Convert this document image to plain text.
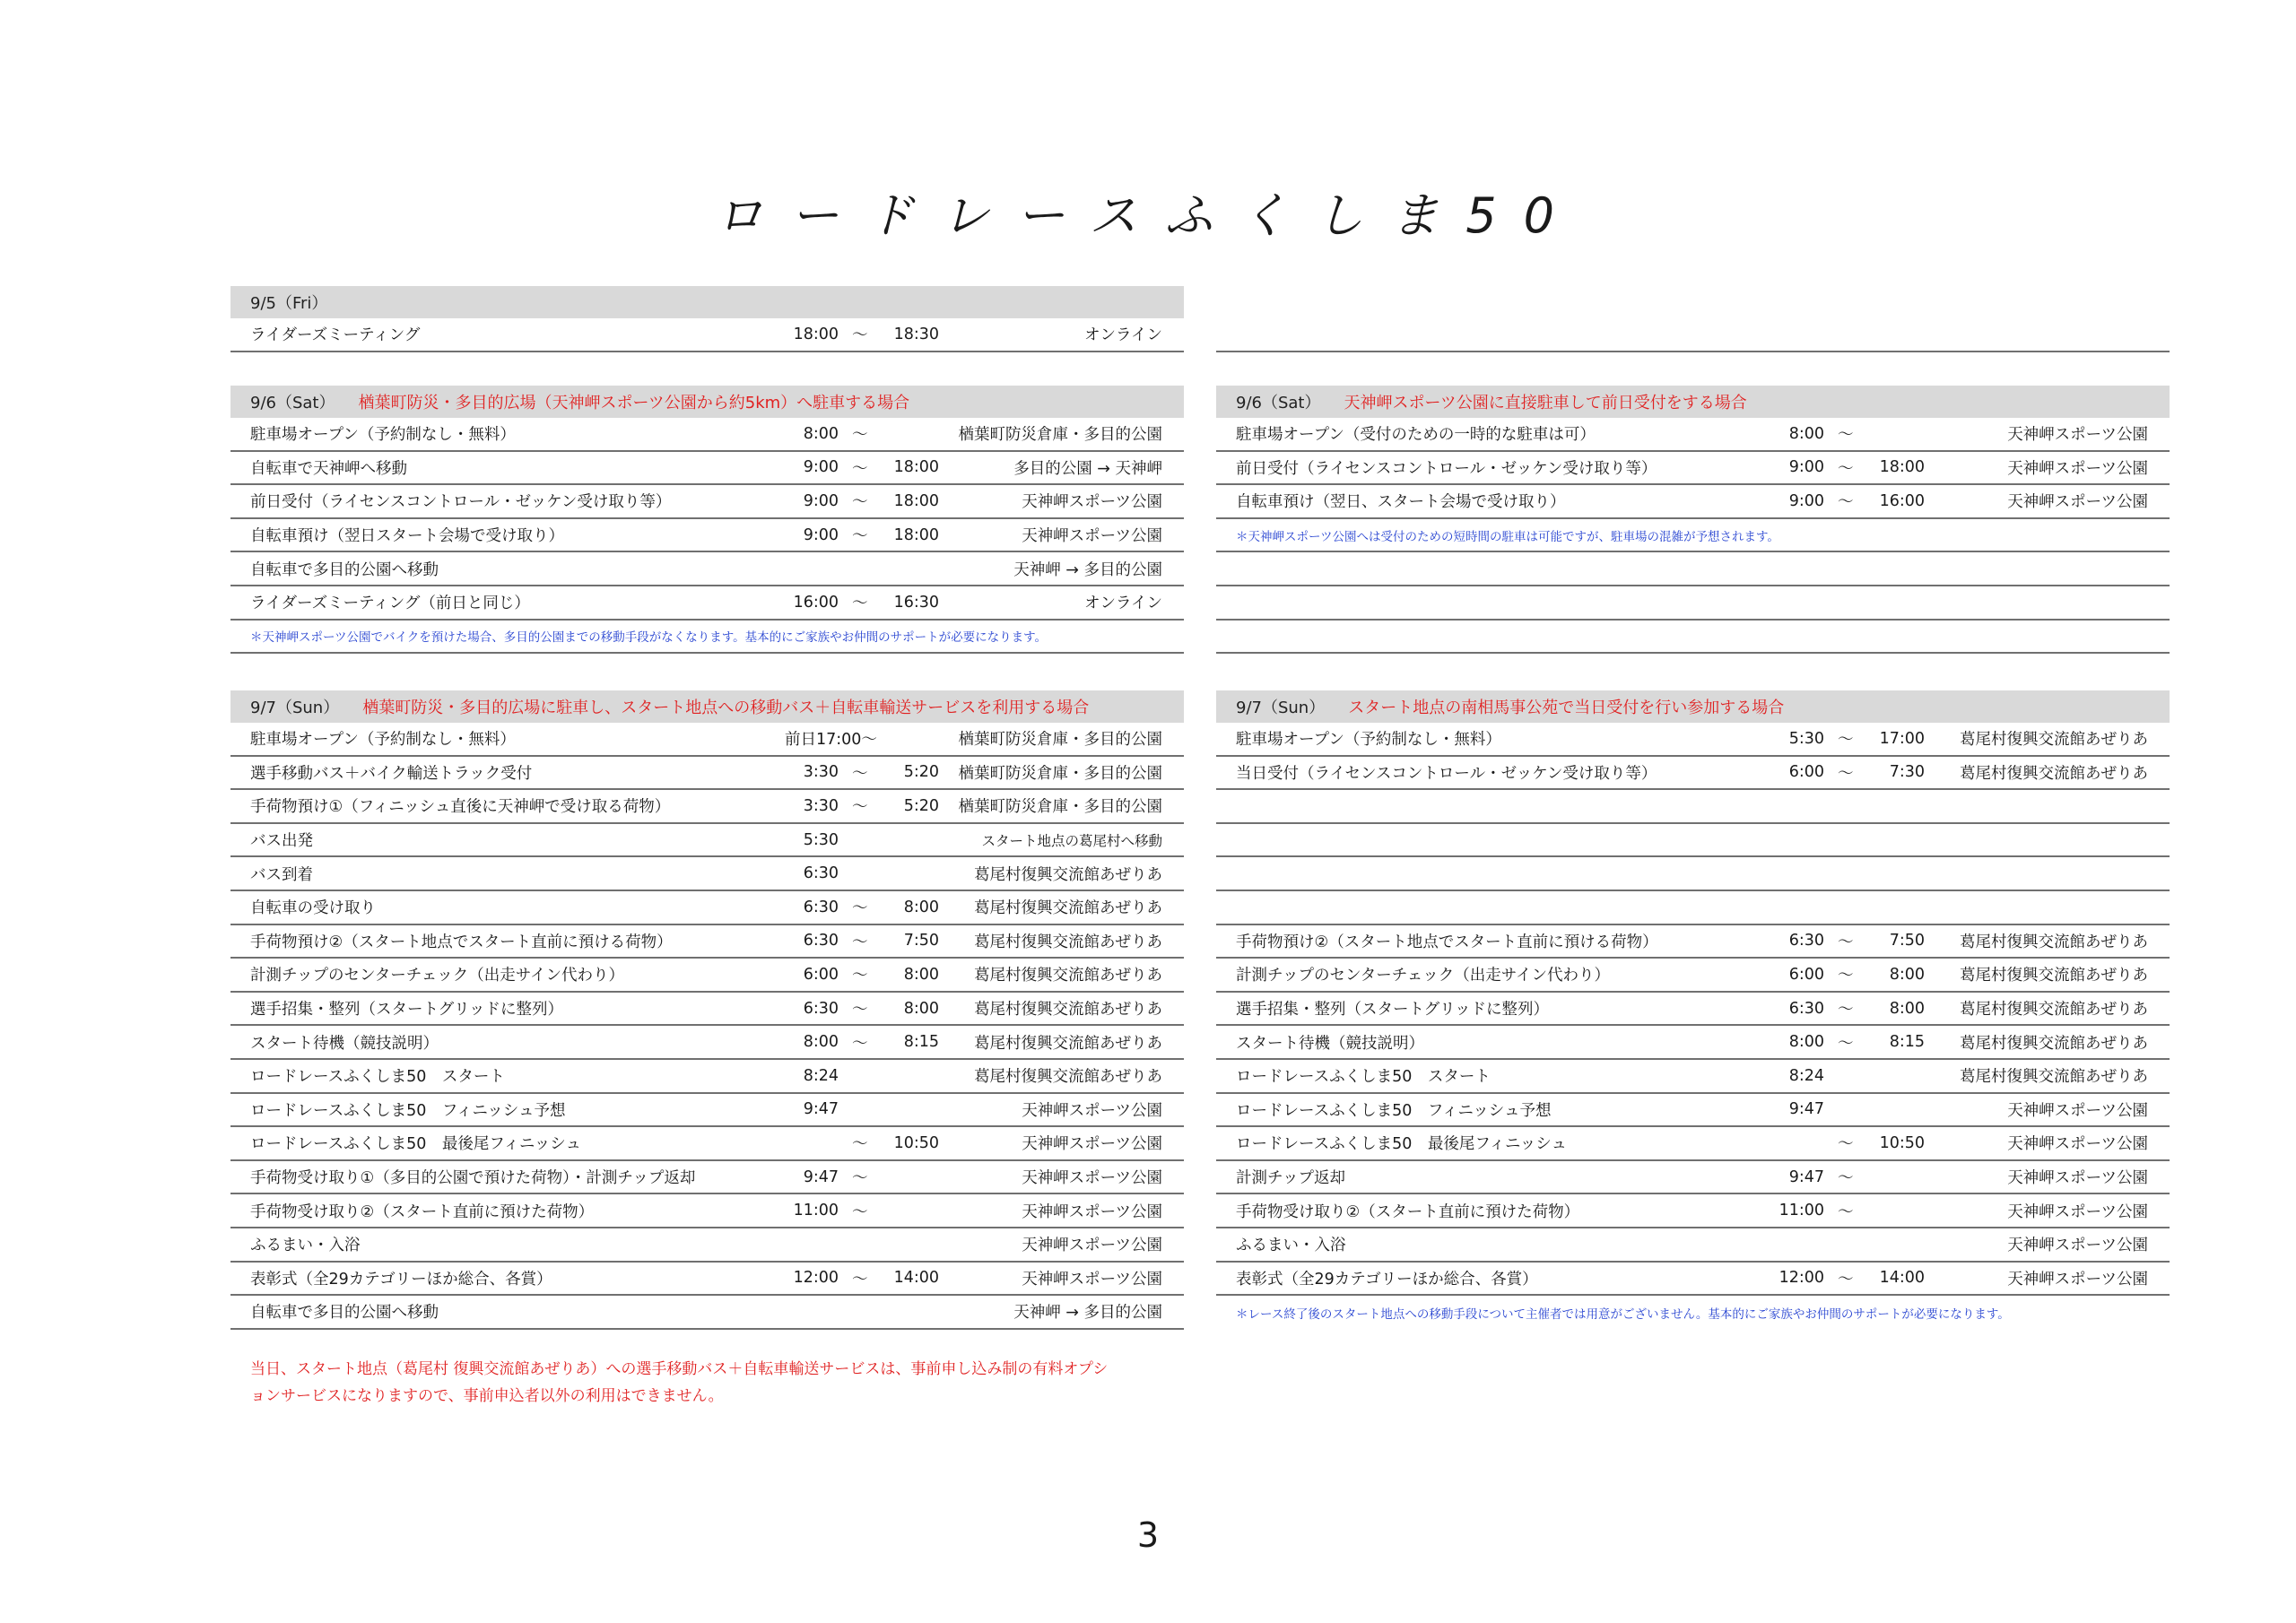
ロードレースふくしま50
9/5（Fri）
ライダーズミーティング	18:00 〜	18:30	オンライン
9/6（Sat） 楢葉町防災・多目的広場（天神岬スポーツ公園から約5km）へ駐車する場合
駐車場オープン（予約制なし・無料）	8:00 〜	楢葉町防災倉庫・多目的公園
自転車で天神岬へ移動	9:00 〜	18:00	多目的公園 → 天神岬
前日受付（ライセンスコントロール・ゼッケン受け取り等）	9:00 〜	18:00	天神岬スポーツ公園
自転車預け（翌日スタート会場で受け取り）	9:00 〜	18:00	天神岬スポーツ公園
自転車で多目的公園へ移動	天神岬 → 多目的公園
ライダーズミーティング（前日と同じ）	16:00 〜	16:30	オンライン
＊天神岬スポーツ公園でバイクを預けた場合、多目的公園までの移動手段がなくなります。基本的にご家族やお仲間のサポートが必要になります。
9/6（Sat） 天神岬スポーツ公園に直接駐車して前日受付をする場合
駐車場オープン（受付のための一時的な駐車は可）	8:00 〜	天神岬スポーツ公園
前日受付（ライセンスコントロール・ゼッケン受け取り等）	9:00 〜	18:00	天神岬スポーツ公園
自転車預け（翌日、スタート会場で受け取り）	9:00 〜	16:00	天神岬スポーツ公園
＊天神岬スポーツ公園へは受付のための短時間の駐車は可能ですが、駐車場の混雑が予想されます。
9/7（Sun） 楢葉町防災・多目的広場に駐車し、スタート地点への移動バス＋自転車輸送サービスを利用する場合
駐車場オープン（予約制なし・無料）	前日17:00〜	楢葉町防災倉庫・多目的公園
選手移動バス＋バイク輸送トラック受付	3:30 〜	5:20 楢葉町防災倉庫・多目的公園
手荷物預け①（フィニッシュ直後に天神岬で受け取る荷物）	3:30 〜	5:20 楢葉町防災倉庫・多目的公園
バス出発	5:30	スタート地点の葛尾村へ移動
バス到着	6:30	葛尾村復興交流館あぜりあ
自転車の受け取り	6:30 〜	8:00 葛尾村復興交流館あぜりあ
手荷物預け②（スタート地点でスタート直前に預ける荷物）	6:30 〜	7:50 葛尾村復興交流館あぜりあ
計測チップのセンターチェック（出走サイン代わり）	6:00 〜	8:00 葛尾村復興交流館あぜりあ
選手招集・整列（スタートグリッドに整列）	6:30 〜	8:00 葛尾村復興交流館あぜりあ
スタート待機（競技説明）	8:00 〜	8:15 葛尾村復興交流館あぜりあ
ロードレースふくしま50　スタート	8:24	葛尾村復興交流館あぜりあ
ロードレースふくしま50　フィニッシュ予想	9:47	天神岬スポーツ公園
ロードレースふくしま50　最後尾フィニッシュ	〜	10:50	天神岬スポーツ公園
手荷物受け取り①（多目的公園で預けた荷物）・計測チップ返却	9:47 〜	天神岬スポーツ公園
手荷物受け取り②（スタート直前に預けた荷物）	11:00 〜	天神岬スポーツ公園
ふるまい・入浴	天神岬スポーツ公園
表彰式（全29カテゴリーほか総合、各賞）	12:00 〜	14:00	天神岬スポーツ公園
自転車で多目的公園へ移動	天神岬 → 多目的公園
9/7（Sun） スタート地点の南相馬事公苑で当日受付を行い参加する場合
駐車場オープン（予約制なし・無料）	5:30 〜	17:00 葛尾村復興交流館あぜりあ
当日受付（ライセンスコントロール・ゼッケン受け取り等）	6:00 〜	7:30 葛尾村復興交流館あぜりあ
手荷物預け②（スタート地点でスタート直前に預ける荷物）	6:30 〜	7:50 葛尾村復興交流館あぜりあ
計測チップのセンターチェック（出走サイン代わり）	6:00 〜	8:00 葛尾村復興交流館あぜりあ
選手招集・整列（スタートグリッドに整列）	6:30 〜	8:00 葛尾村復興交流館あぜりあ
スタート待機（競技説明）	8:00 〜	8:15 葛尾村復興交流館あぜりあ
ロードレースふくしま50　スタート	8:24	葛尾村復興交流館あぜりあ
ロードレースふくしま50　フィニッシュ予想	9:47	天神岬スポーツ公園
ロードレースふくしま50　最後尾フィニッシュ	〜	10:50	天神岬スポーツ公園
計測チップ返却	9:47 〜	天神岬スポーツ公園
手荷物受け取り②（スタート直前に預けた荷物）	11:00 〜	天神岬スポーツ公園
ふるまい・入浴	天神岬スポーツ公園
表彰式（全29カテゴリーほか総合、各賞）	12:00 〜	14:00	天神岬スポーツ公園
＊レース終了後のスタート地点への移動手段について主催者では用意がございません。基本的にご家族やお仲間のサポートが必要になります。
当日、スタート地点（葛尾村 復興交流館あぜりあ）への選手移動バス＋自転車輸送サービスは、事前申し込み制の有料オプシ
ョンサービスになりますので、事前申込者以外の利用はできません。
3
